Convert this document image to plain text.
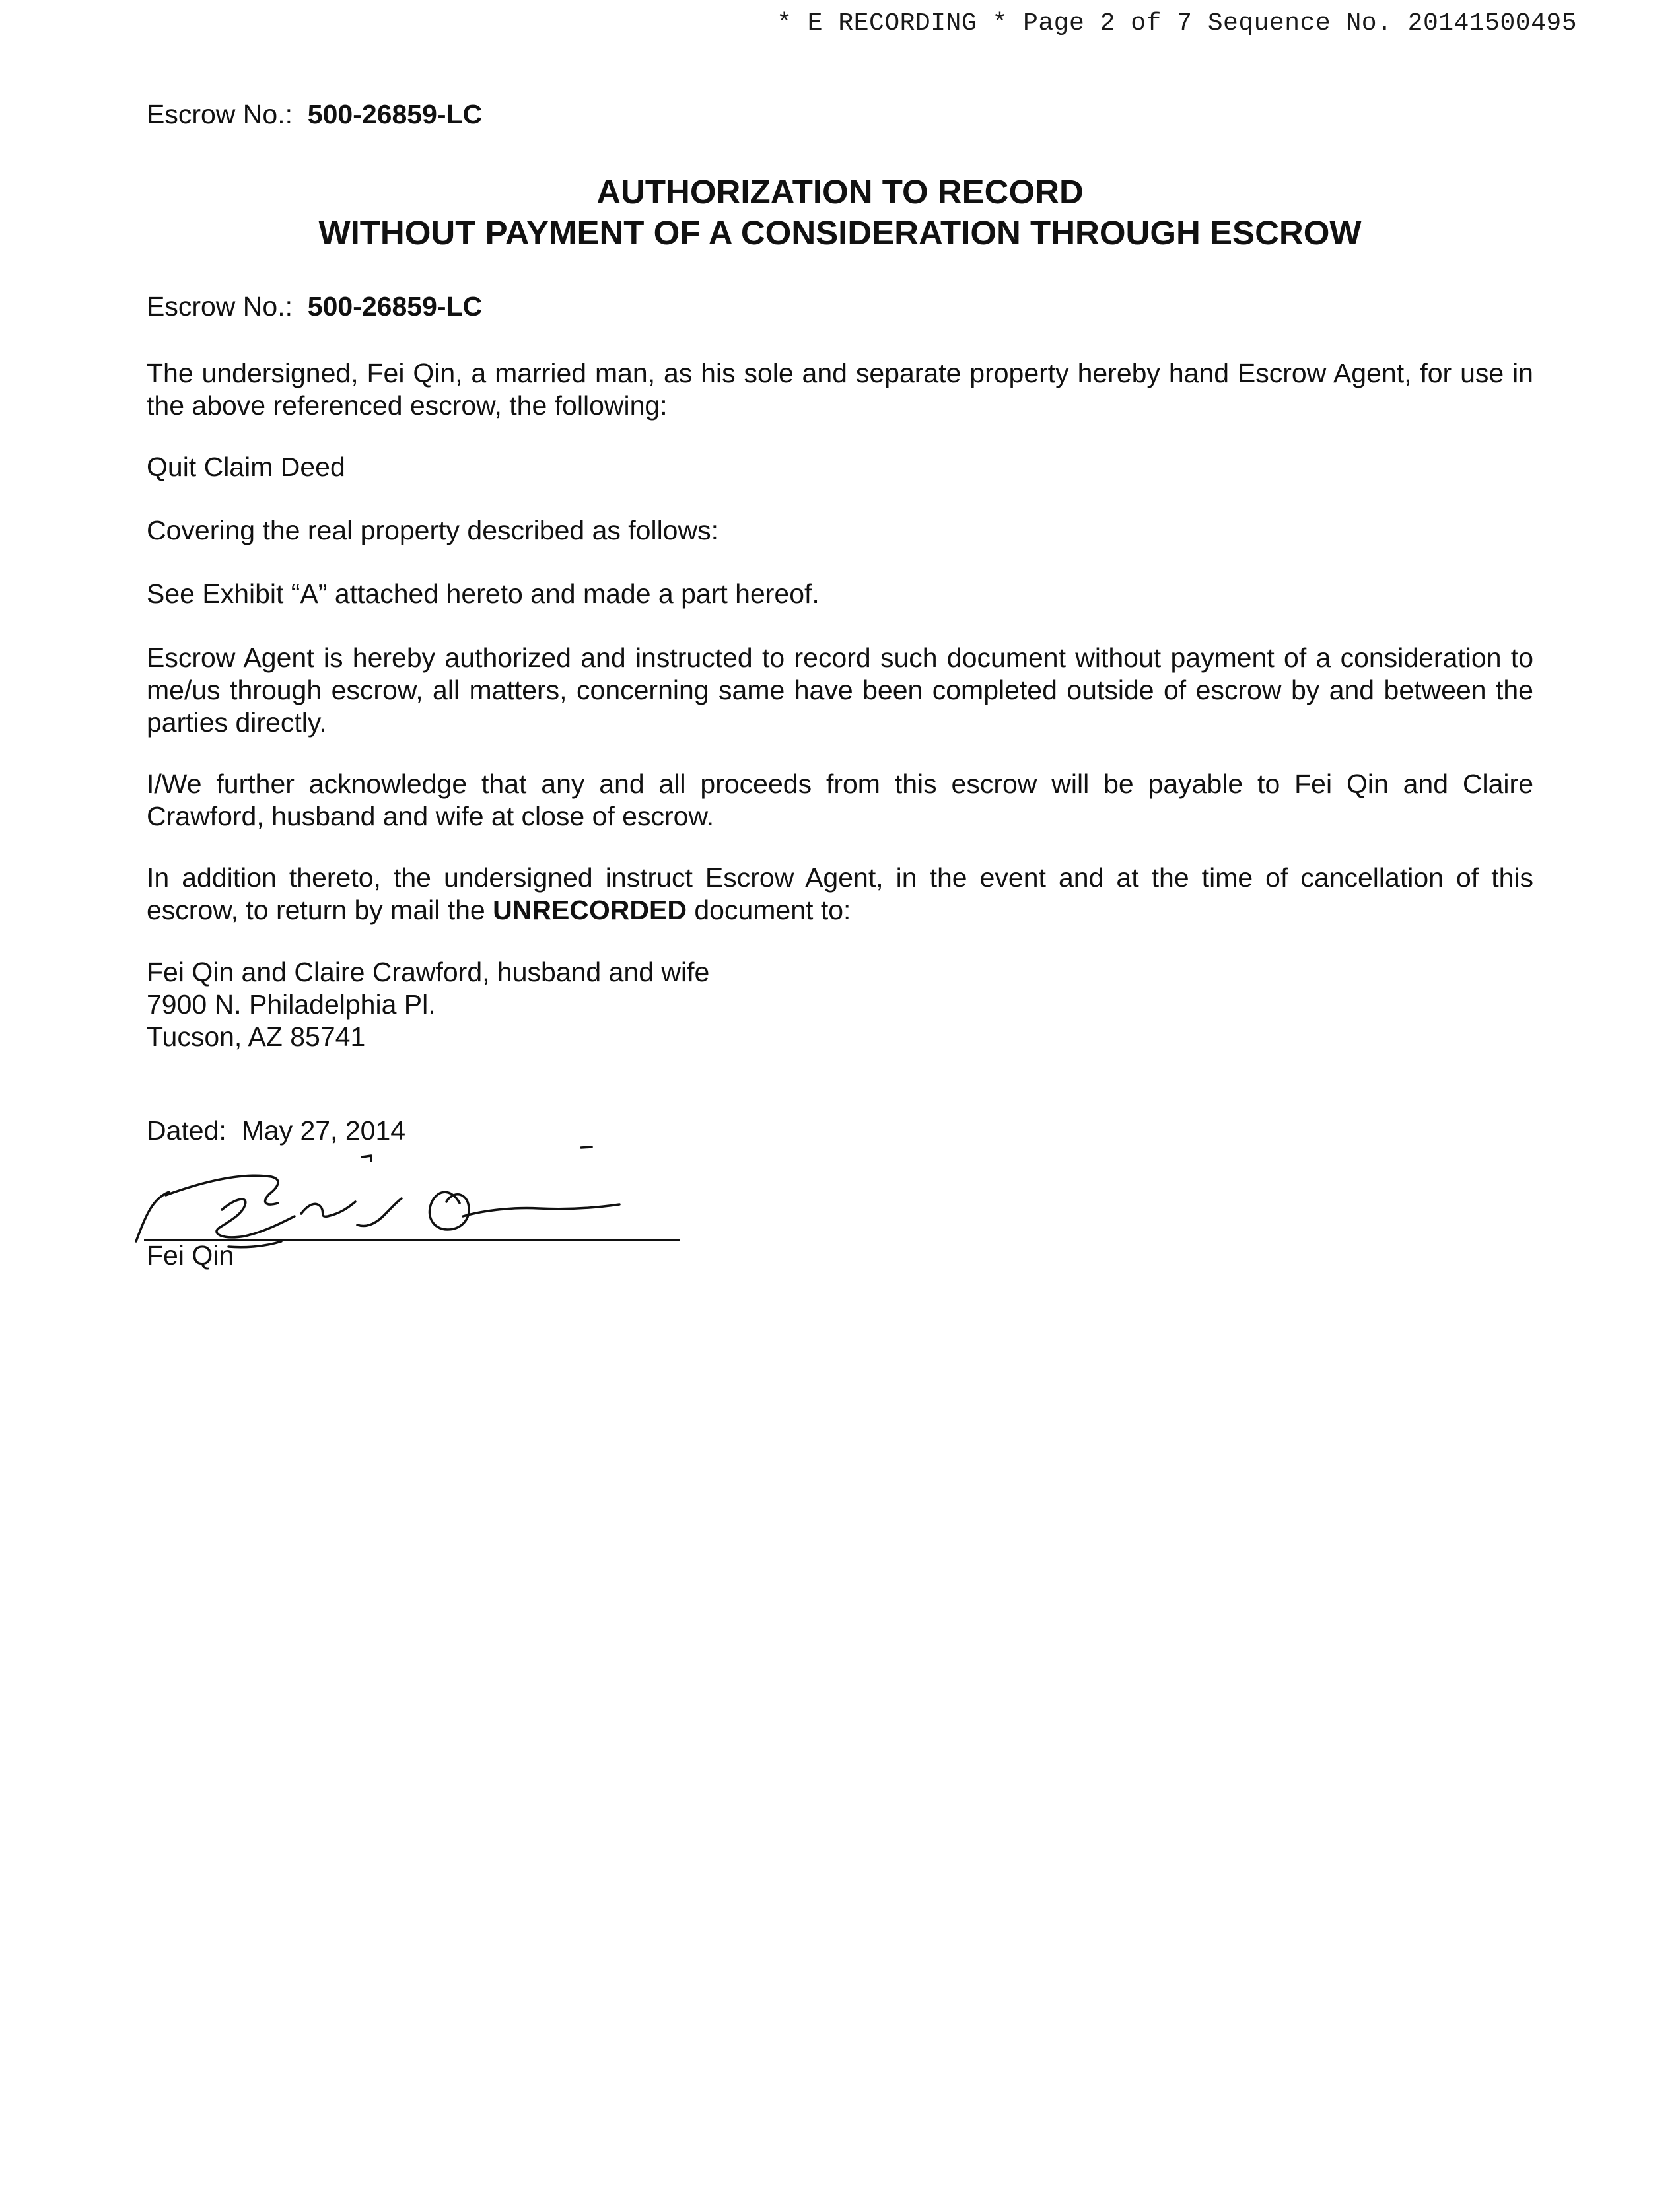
* E RECORDING * Page 2 of 7 Sequence No. 20141500495
Escrow No.: 500-26859-LC
AUTHORIZATION TO RECORD
WITHOUT PAYMENT OF A CONSIDERATION THROUGH ESCROW
Escrow No.: 500-26859-LC
The undersigned, Fei Qin, a married man, as his sole and separate property hereby hand Escrow Agent, for use in the above referenced escrow, the following:
Quit Claim Deed
Covering the real property described as follows:
See Exhibit “A” attached hereto and made a part hereof.
Escrow Agent is hereby authorized and instructed to record such document without payment of a consideration to me/us through escrow, all matters, concerning same have been completed outside of escrow by and between the parties directly.
I/We further acknowledge that any and all proceeds from this escrow will be payable to Fei Qin and Claire Crawford, husband and wife at close of escrow.
In addition thereto, the undersigned instruct Escrow Agent, in the event and at the time of cancellation of this escrow, to return by mail the UNRECORDED document to:
Fei Qin and Claire Crawford, husband and wife
7900 N. Philadelphia Pl.
Tucson, AZ 85741
Dated: May 27, 2014
Fei Qin
